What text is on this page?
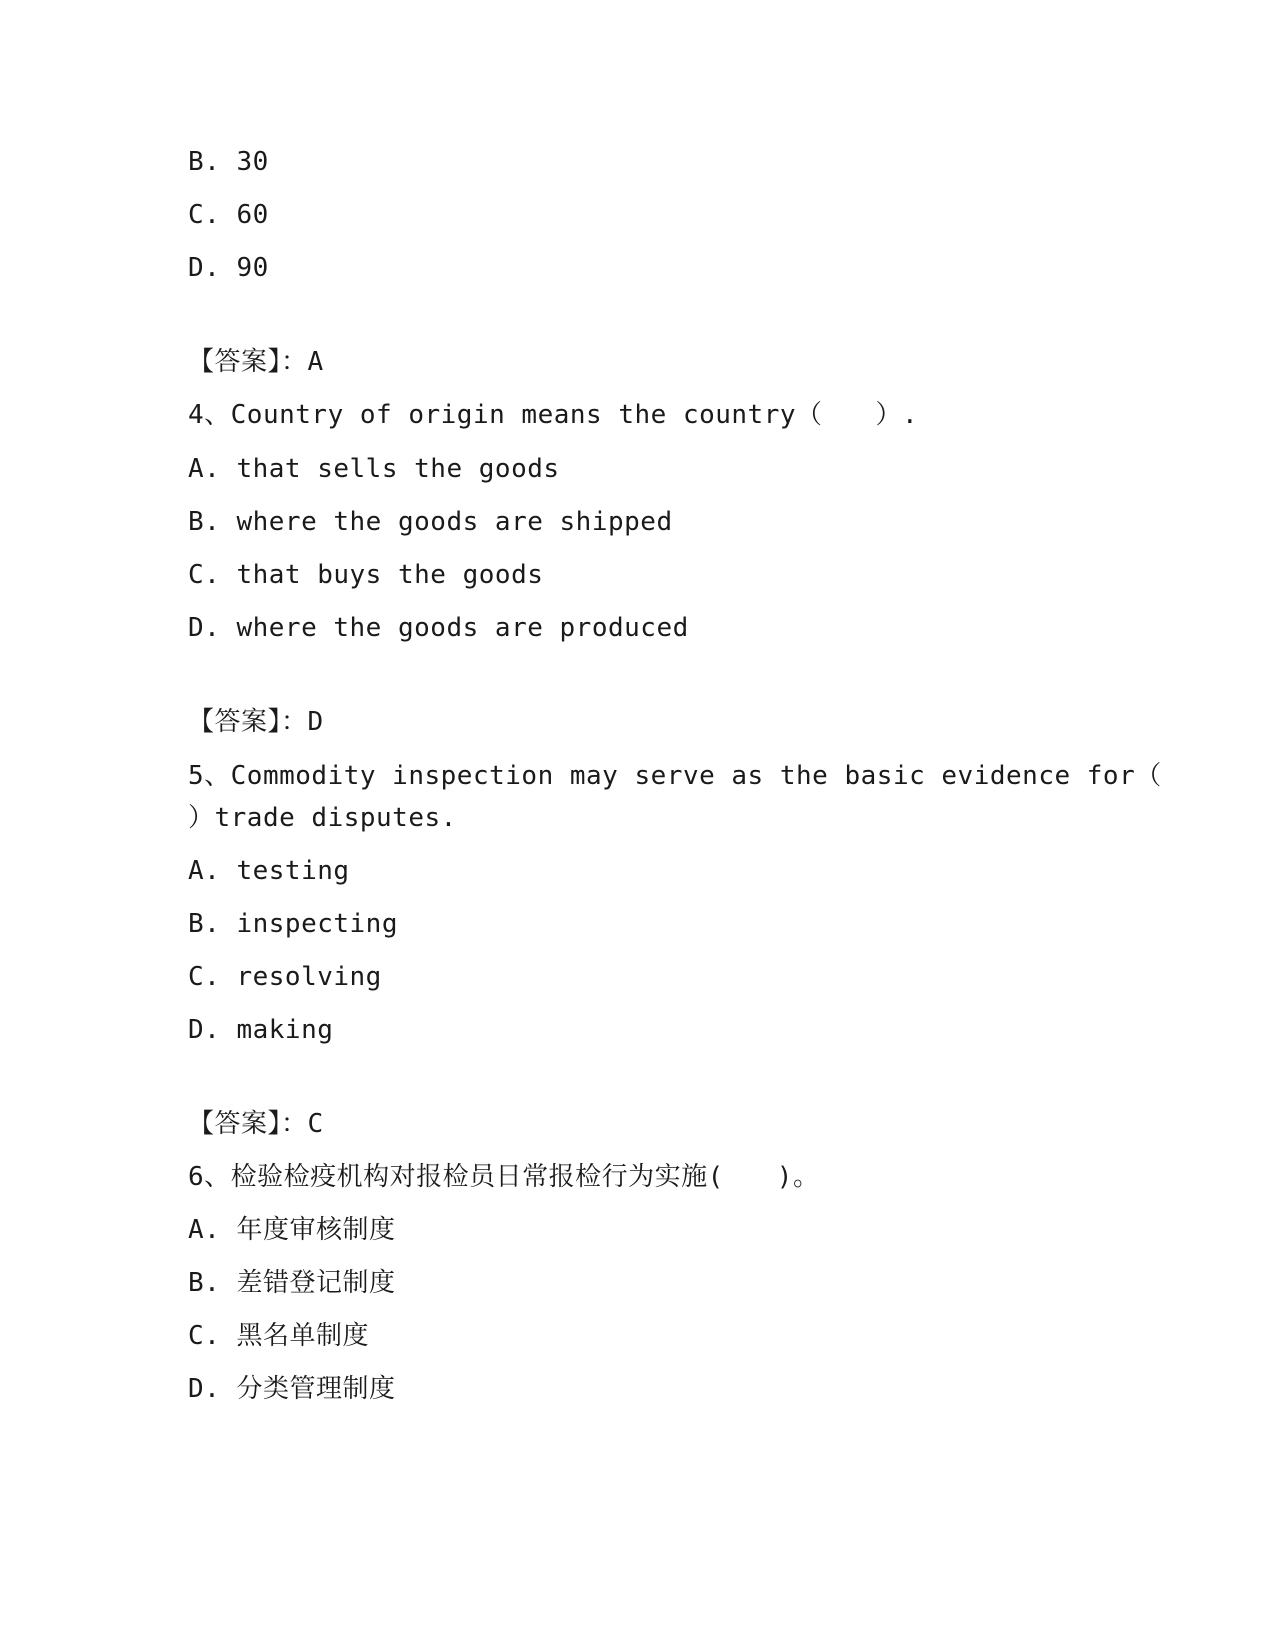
B. 30
C. 60
D. 90
【答案】：A
4、Country of origin means the country（　　）.
A. that sells the goods
B. where the goods are shipped
C. that buys the goods
D. where the goods are produced
【答案】：D
5、Commodity inspection may serve as the basic evidence for（
）trade disputes.
A. testing
B. inspecting
C. resolving
D. making
【答案】：C
6、检验检疫机构对报检员日常报检行为实施(　　)。
A. 年度审核制度
B. 差错登记制度
C. 黑名单制度
D. 分类管理制度
